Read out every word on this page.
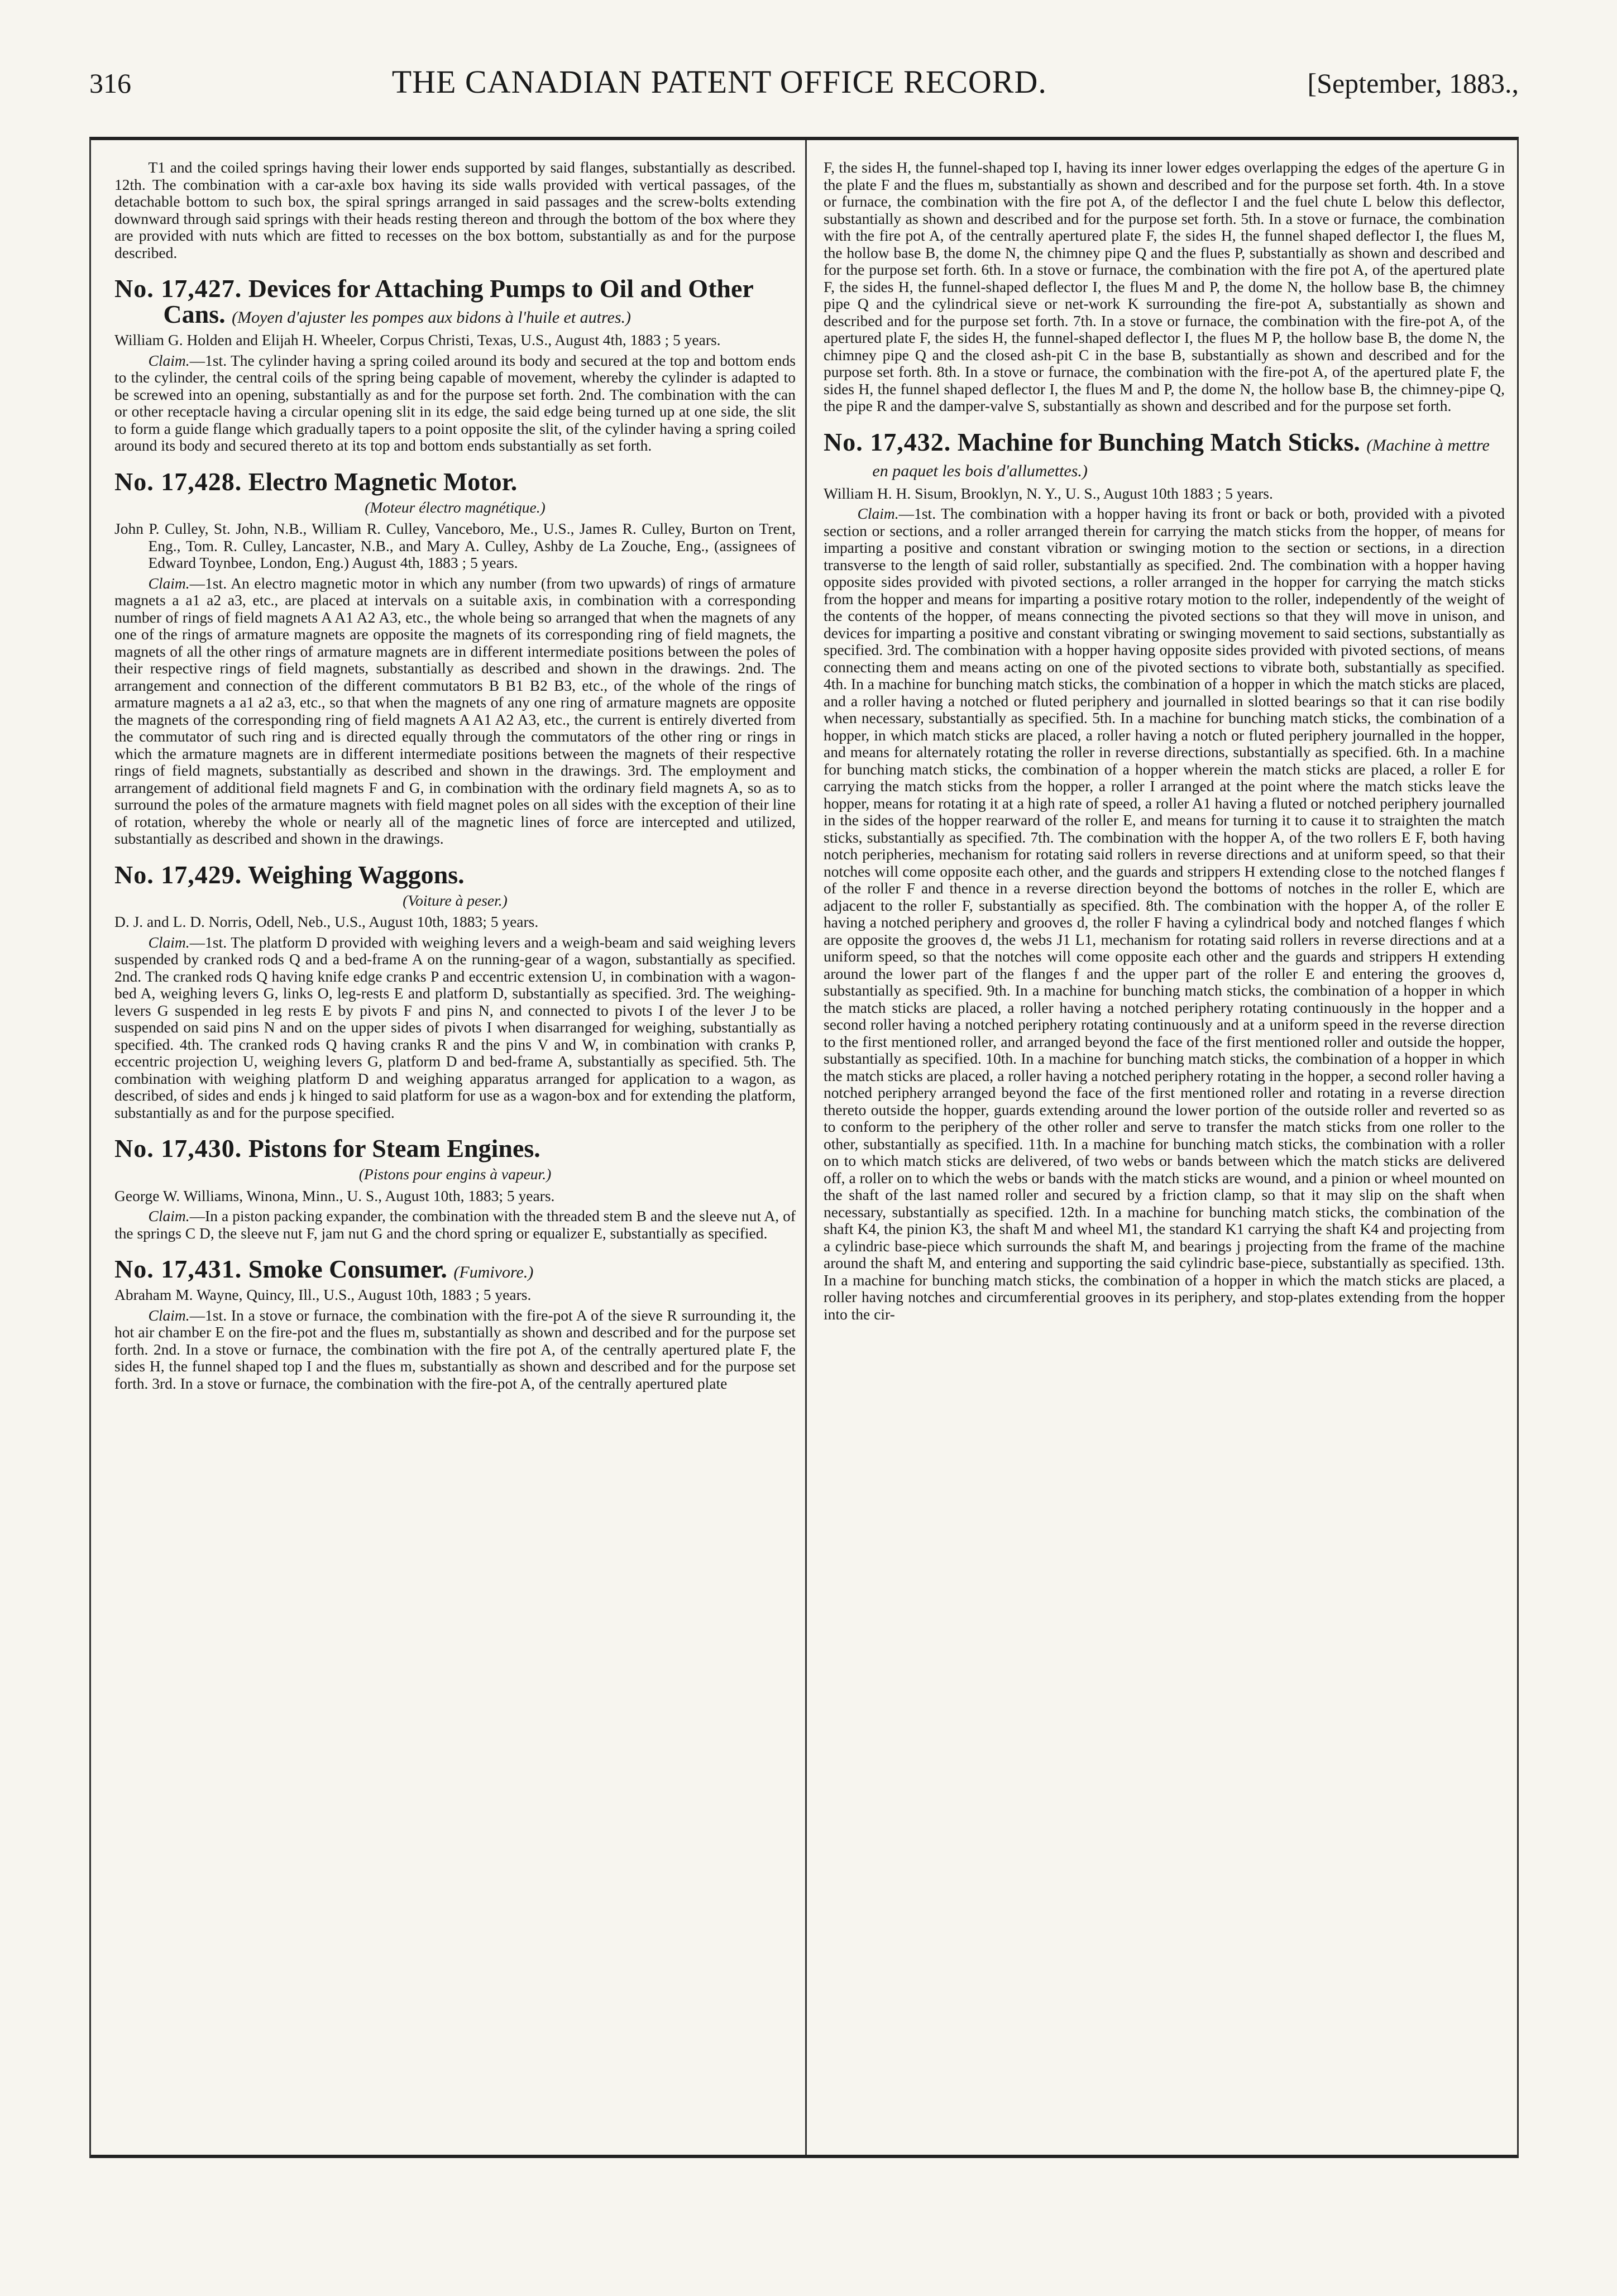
316	THE CANADIAN PATENT OFFICE RECORD.	[September, 1883.,

T1 and the coiled springs having their lower ends supported by said flanges, substantially as described. 12th. The combination with a car-axle box having its side walls provided with vertical passages, of the detachable bottom to such box, the spiral springs arranged in said passages and the screw-bolts extending downward through said springs with their heads resting thereon and through the bottom of the box where they are provided with nuts which are fitted to recesses on the box bottom, substantially as and for the purpose described.

No. 17,427. Devices for Attaching Pumps to Oil and Other Cans. (Moyen d'ajuster les pompes aux bidons à l'huile et autres.)

William G. Holden and Elijah H. Wheeler, Corpus Christi, Texas, U.S., August 4th, 1883 ; 5 years.

Claim.—1st. The cylinder having a spring coiled around its body and secured at the top and bottom ends to the cylinder, the central coils of the spring being capable of movement, whereby the cylinder is adapted to be screwed into an opening, substantially as and for the purpose set forth. 2nd. The combination with the can or other receptacle having a circular opening slit in its edge, the said edge being turned up at one side, the slit to form a guide flange which gradually tapers to a point opposite the slit, of the cylinder having a spring coiled around its body and secured thereto at its top and bottom ends substantially as set forth.

No. 17,428. Electro Magnetic Motor.

(Moteur électro magnétique.)

John P. Culley, St. John, N.B., William R. Culley, Vanceboro, Me., U.S., James R. Culley, Burton on Trent, Eng., Tom. R. Culley, Lancaster, N.B., and Mary A. Culley, Ashby de La Zouche, Eng., (assignees of Edward Toynbee, London, Eng.) August 4th, 1883 ; 5 years.

Claim.—1st. An electro magnetic motor in which any number (from two upwards) of rings of armature magnets a a1 a2 a3, etc., are placed at intervals on a suitable axis, in combination with a corresponding number of rings of field magnets A A1 A2 A3, etc., the whole being so arranged that when the magnets of any one of the rings of armature magnets are opposite the magnets of its corresponding ring of field magnets, the magnets of all the other rings of armature magnets are in different intermediate positions between the poles of their respective rings of field magnets, substantially as described and shown in the drawings. 2nd. The arrangement and connection of the different commutators B B1 B2 B3, etc., of the whole of the rings of armature magnets a a1 a2 a3, etc., so that when the magnets of any one ring of armature magnets are opposite the magnets of the corresponding ring of field magnets A A1 A2 A3, etc., the current is entirely diverted from the commutator of such ring and is directed equally through the commutators of the other ring or rings in which the armature magnets are in different intermediate positions between the magnets of their respective rings of field magnets, substantially as described and shown in the drawings. 3rd. The employment and arrangement of additional field magnets F and G, in combination with the ordinary field magnets A, so as to surround the poles of the armature magnets with field magnet poles on all sides with the exception of their line of rotation, whereby the whole or nearly all of the magnetic lines of force are intercepted and utilized, substantially as described and shown in the drawings.

No. 17,429. Weighing Waggons.

(Voiture à peser.)

D. J. and L. D. Norris, Odell, Neb., U.S., August 10th, 1883; 5 years.

Claim.—1st. The platform D provided with weighing levers and a weigh-beam and said weighing levers suspended by cranked rods Q and a bed-frame A on the running-gear of a wagon, substantially as specified. 2nd. The cranked rods Q having knife edge cranks P and eccentric extension U, in combination with a wagon-bed A, weighing levers G, links O, leg-rests E and platform D, substantially as specified. 3rd. The weighing-levers G suspended in leg rests E by pivots F and pins N, and connected to pivots I of the lever J to be suspended on said pins N and on the upper sides of pivots I when disarranged for weighing, substantially as specified. 4th. The cranked rods Q having cranks R and the pins V and W, in combination with cranks P, eccentric projection U, weighing levers G, platform D and bed-frame A, substantially as specified. 5th. The combination with weighing platform D and weighing apparatus arranged for application to a wagon, as described, of sides and ends j k hinged to said platform for use as a wagon-box and for extending the platform, substantially as and for the purpose specified.

No. 17,430. Pistons for Steam Engines.

(Pistons pour engins à vapeur.)

George W. Williams, Winona, Minn., U. S., August 10th, 1883; 5 years.

Claim.—In a piston packing expander, the combination with the threaded stem B and the sleeve nut A, of the springs C D, the sleeve nut F, jam nut G and the chord spring or equalizer E, substantially as specified.

No. 17,431. Smoke Consumer. (Fumivore.)

Abraham M. Wayne, Quincy, Ill., U.S., August 10th, 1883 ; 5 years.

Claim.—1st. In a stove or furnace, the combination with the fire-pot A of the sieve R surrounding it, the hot air chamber E on the fire-pot and the flues m, substantially as shown and described and for the purpose set forth. 2nd. In a stove or furnace, the combination with the fire pot A, of the centrally apertured plate F, the sides H, the funnel shaped top I and the flues m, substantially as shown and described and for the purpose set forth. 3rd. In a stove or furnace, the combination with the fire-pot A, of the centrally apertured plate

F, the sides H, the funnel-shaped top I, having its inner lower edges overlapping the edges of the aperture G in the plate F and the flues m, substantially as shown and described and for the purpose set forth. 4th. In a stove or furnace, the combination with the fire pot A, of the deflector I and the fuel chute L below this deflector, substantially as shown and described and for the purpose set forth. 5th. In a stove or furnace, the combination with the fire pot A, of the centrally apertured plate F, the sides H, the funnel shaped deflector I, the flues M, the hollow base B, the dome N, the chimney pipe Q and the flues P, substantially as shown and described and for the purpose set forth. 6th. In a stove or furnace, the combination with the fire pot A, of the apertured plate F, the sides H, the funnel-shaped deflector I, the flues M and P, the dome N, the hollow base B, the chimney pipe Q and the cylindrical sieve or net-work K surrounding the fire-pot A, substantially as shown and described and for the purpose set forth. 7th. In a stove or furnace, the combination with the fire-pot A, of the apertured plate F, the sides H, the funnel-shaped deflector I, the flues M P, the hollow base B, the dome N, the chimney pipe Q and the closed ash-pit C in the base B, substantially as shown and described and for the purpose set forth. 8th. In a stove or furnace, the combination with the fire-pot A, of the apertured plate F, the sides H, the funnel shaped deflector I, the flues M and P, the dome N, the hollow base B, the chimney-pipe Q, the pipe R and the damper-valve S, substantially as shown and described and for the purpose set forth.

No. 17,432. Machine for Bunching Match Sticks. (Machine à mettre en paquet les bois d'allumettes.)

William H. H. Sisum, Brooklyn, N. Y., U. S., August 10th 1883 ; 5 years.

Claim.—1st. The combination with a hopper having its front or back or both, provided with a pivoted section or sections, and a roller arranged therein for carrying the match sticks from the hopper, of means for imparting a positive and constant vibration or swinging motion to the section or sections, in a direction transverse to the length of said roller, substantially as specified. 2nd. The combination with a hopper having opposite sides provided with pivoted sections, a roller arranged in the hopper for carrying the match sticks from the hopper and means for imparting a positive rotary motion to the roller, independently of the weight of the contents of the hopper, of means connecting the pivoted sections so that they will move in unison, and devices for imparting a positive and constant vibrating or swinging movement to said sections, substantially as specified. 3rd. The combination with a hopper having opposite sides provided with pivoted sections, of means connecting them and means acting on one of the pivoted sections to vibrate both, substantially as specified. 4th. In a machine for bunching match sticks, the combination of a hopper in which the match sticks are placed, and a roller having a notched or fluted periphery and journalled in slotted bearings so that it can rise bodily when necessary, substantially as specified. 5th. In a machine for bunching match sticks, the combination of a hopper, in which match sticks are placed, a roller having a notch or fluted periphery journalled in the hopper, and means for alternately rotating the roller in reverse directions, substantially as specified. 6th. In a machine for bunching match sticks, the combination of a hopper wherein the match sticks are placed, a roller E for carrying the match sticks from the hopper, a roller I arranged at the point where the match sticks leave the hopper, means for rotating it at a high rate of speed, a roller A1 having a fluted or notched periphery journalled in the sides of the hopper rearward of the roller E, and means for turning it to cause it to straighten the match sticks, substantially as specified. 7th. The combination with the hopper A, of the two rollers E F, both having notch peripheries, mechanism for rotating said rollers in reverse directions and at uniform speed, so that their notches will come opposite each other, and the guards and strippers H extending close to the notched flanges f of the roller F and thence in a reverse direction beyond the bottoms of notches in the roller E, which are adjacent to the roller F, substantially as specified. 8th. The combination with the hopper A, of the roller E having a notched periphery and grooves d, the roller F having a cylindrical body and notched flanges f which are opposite the grooves d, the webs J1 L1, mechanism for rotating said rollers in reverse directions and at a uniform speed, so that the notches will come opposite each other and the guards and strippers H extending around the lower part of the flanges f and the upper part of the roller E and entering the grooves d, substantially as specified. 9th. In a machine for bunching match sticks, the combination of a hopper in which the match sticks are placed, a roller having a notched periphery rotating continuously in the hopper and a second roller having a notched periphery rotating continuously and at a uniform speed in the reverse direction to the first mentioned roller, and arranged beyond the face of the first mentioned roller and outside the hopper, substantially as specified. 10th. In a machine for bunching match sticks, the combination of a hopper in which the match sticks are placed, a roller having a notched periphery rotating in the hopper, a second roller having a notched periphery arranged beyond the face of the first mentioned roller and rotating in a reverse direction thereto outside the hopper, guards extending around the lower portion of the outside roller and reverted so as to conform to the periphery of the other roller and serve to transfer the match sticks from one roller to the other, substantially as specified. 11th. In a machine for bunching match sticks, the combination with a roller on to which match sticks are delivered, of two webs or bands between which the match sticks are delivered off, a roller on to which the webs or bands with the match sticks are wound, and a pinion or wheel mounted on the shaft of the last named roller and secured by a friction clamp, so that it may slip on the shaft when necessary, substantially as specified. 12th. In a machine for bunching match sticks, the combination of the shaft K4, the pinion K3, the shaft M and wheel M1, the standard K1 carrying the shaft K4 and projecting from a cylindric base-piece which surrounds the shaft M, and bearings j projecting from the frame of the machine around the shaft M, and entering and supporting the said cylindric base-piece, substantially as specified. 13th. In a machine for bunching match sticks, the combination of a hopper in which the match sticks are placed, a roller having notches and circumferential grooves in its periphery, and stop-plates extending from the hopper into the cir-
